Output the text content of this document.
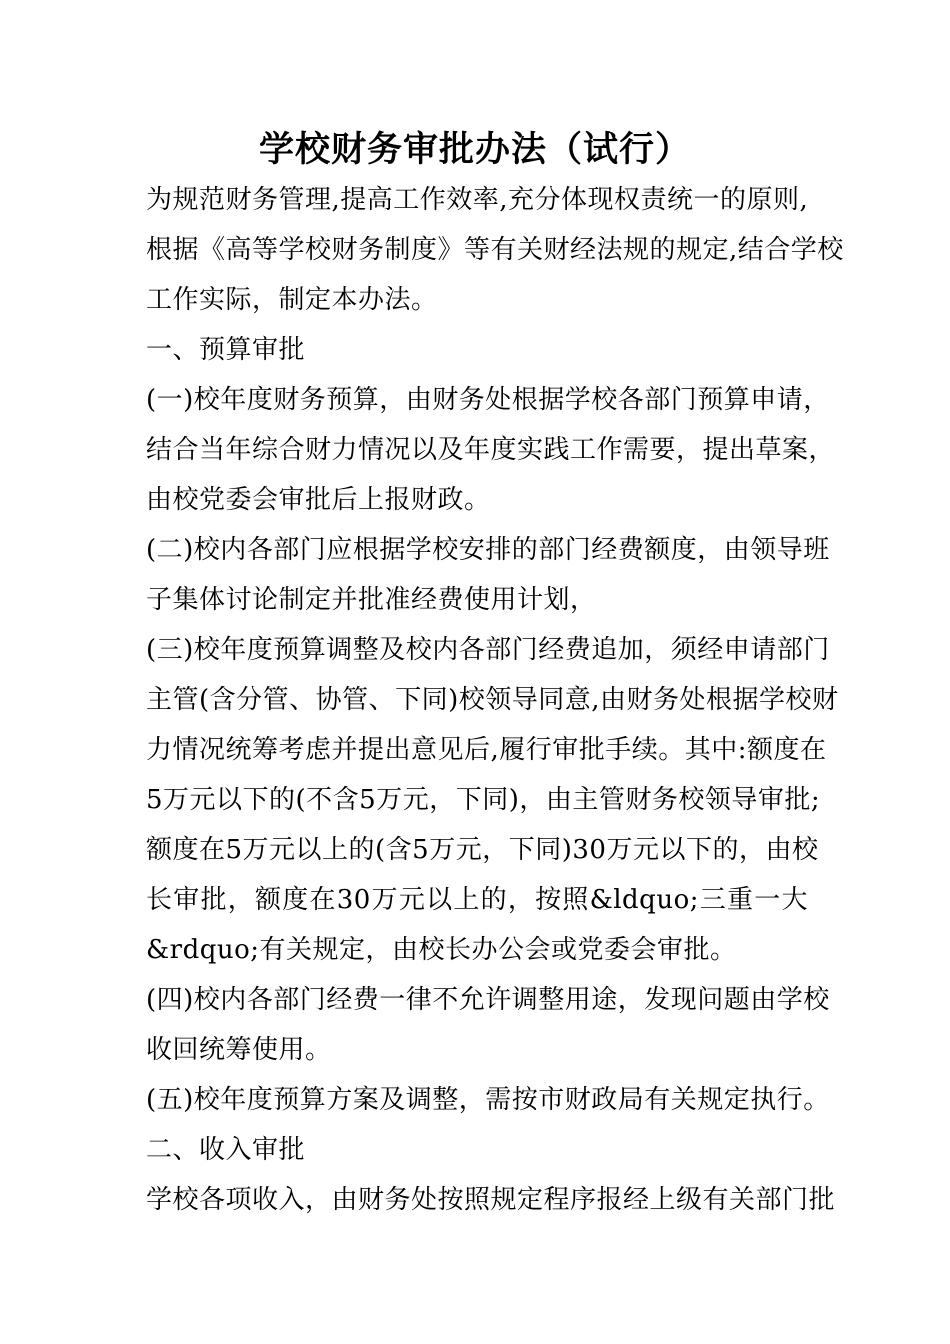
学校财务审批办法（试行）
为规范财务管理,提高工作效率,充分体现权责统一的原则,
根据《高等学校财务制度》等有关财经法规的规定,结合学校
工作实际，制定本办法。
一、预算审批
(一)校年度财务预算，由财务处根据学校各部门预算申请，
结合当年综合财力情况以及年度实践工作需要，提出草案，
由校党委会审批后上报财政。
(二)校内各部门应根据学校安排的部门经费额度，由领导班
子集体讨论制定并批准经费使用计划，
(三)校年度预算调整及校内各部门经费追加，须经申请部门
主管(含分管、协管、下同)校领导同意,由财务处根据学校财
力情况统筹考虑并提出意见后,履行审批手续。其中:额度在
5万元以下的(不含5万元，下同)，由主管财务校领导审批;
额度在5万元以上的(含5万元，下同)30万元以下的，由校
长审批，额度在30万元以上的，按照&ldquo;三重一大
&rdquo;有关规定，由校长办公会或党委会审批。
(四)校内各部门经费一律不允许调整用途，发现问题由学校
收回统筹使用。
(五)校年度预算方案及调整，需按市财政局有关规定执行。
二、收入审批
学校各项收入，由财务处按照规定程序报经上级有关部门批
